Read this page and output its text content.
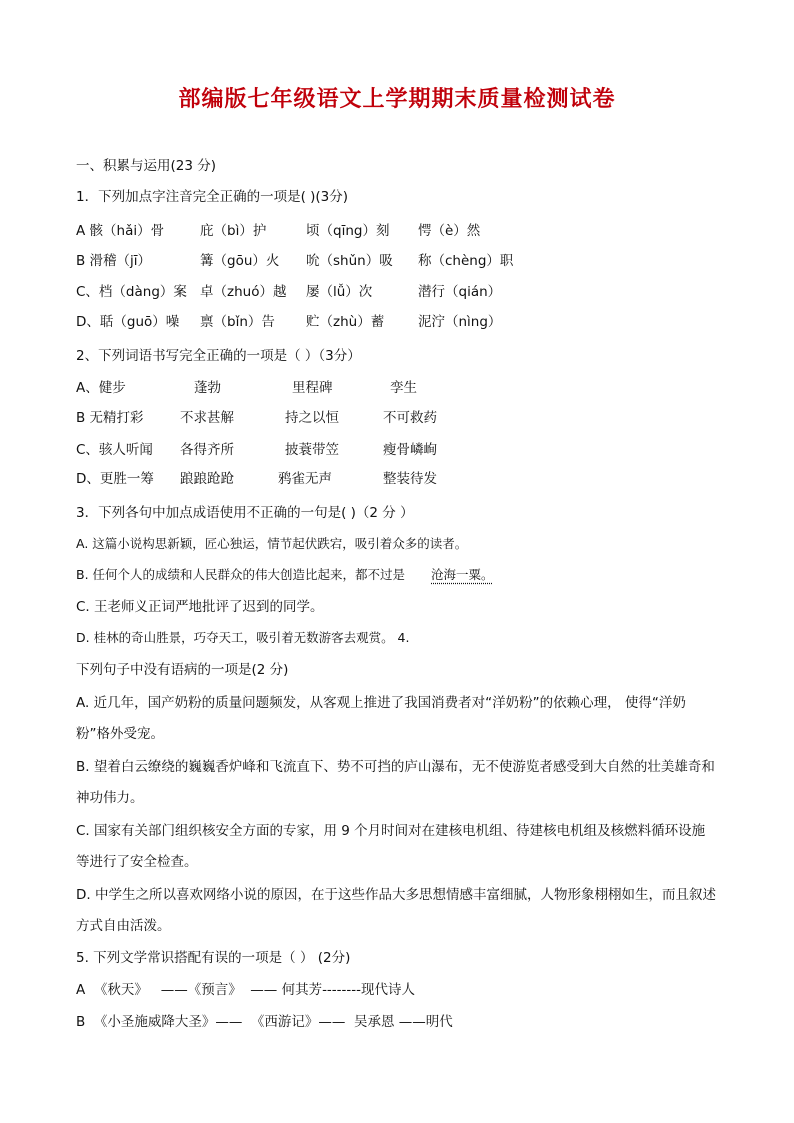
部编版七年级语文上学期期末质量检测试卷
一、积累与运用(23 分)
1．下列加点字注音完全正确的一项是( )(3分)
A 骸（hǎi）骨	庇（bì）护	顷（qīng）刻 愕（è）然
B 滑稽（jī）	篝（gōu）火 吮（shǔn）吸 称（chèng）职
C、档（dàng）案 卓（zhuó）越 屡（lǚ）次	潜行（qián）
D、聒（guō）噪 禀（bǐn）告 贮（zhù）蓄	泥泞（nìng）
2、下列词语书写完全正确的一项是（ ）（3分）
A、健步	蓬勃	里程碑	孪生
B 无精打彩	不求甚解	持之以恒	不可救药
C、骇人听闻 各得齐所	披蓑带笠	瘦骨嶙峋
D、更胜一筹 踉踉跄跄	鸦雀无声	整装待发
3．下列各句中加点成语使用不正确的一句是( )（2 分 ）
A. 这篇小说构思新颖，匠心独运，情节起伏跌宕，吸引着众多的读者。
B. 任何个人的成绩和人民群众的伟大创造比起来，都不过是 沧海一粟。
C. 王老师义正词严地批评了迟到的同学。
D. 桂林的奇山胜景，巧夺天工，吸引着无数游客去观赏。 4.
下列句子中没有语病的一项是(2 分)
A. 近几年，国产奶粉的质量问题频发，从客观上推进了我国消费者对“洋奶粉”的依赖心理， 使得“洋奶粉”格外受宠。
B. 望着白云缭绕的巍巍香炉峰和飞流直下、势不可挡的庐山瀑布，无不使游览者感受到大自然的壮美雄奇和神功伟力。
C. 国家有关部门组织核安全方面的专家，用 9 个月时间对在建核电机组、待建核电机组及核燃料循环设施等进行了安全检查。
D. 中学生之所以喜欢网络小说的原因，在于这些作品大多思想情感丰富细腻，人物形象栩栩如生，而且叙述方式自由活泼。
5. 下列文学常识搭配有误的一项是（ ） (2分)
A  《秋天》   ——《预言》  —— 何其芳--------现代诗人
B  《小圣施威降大圣》——  《西游记》——  吴承恩 ——明代
